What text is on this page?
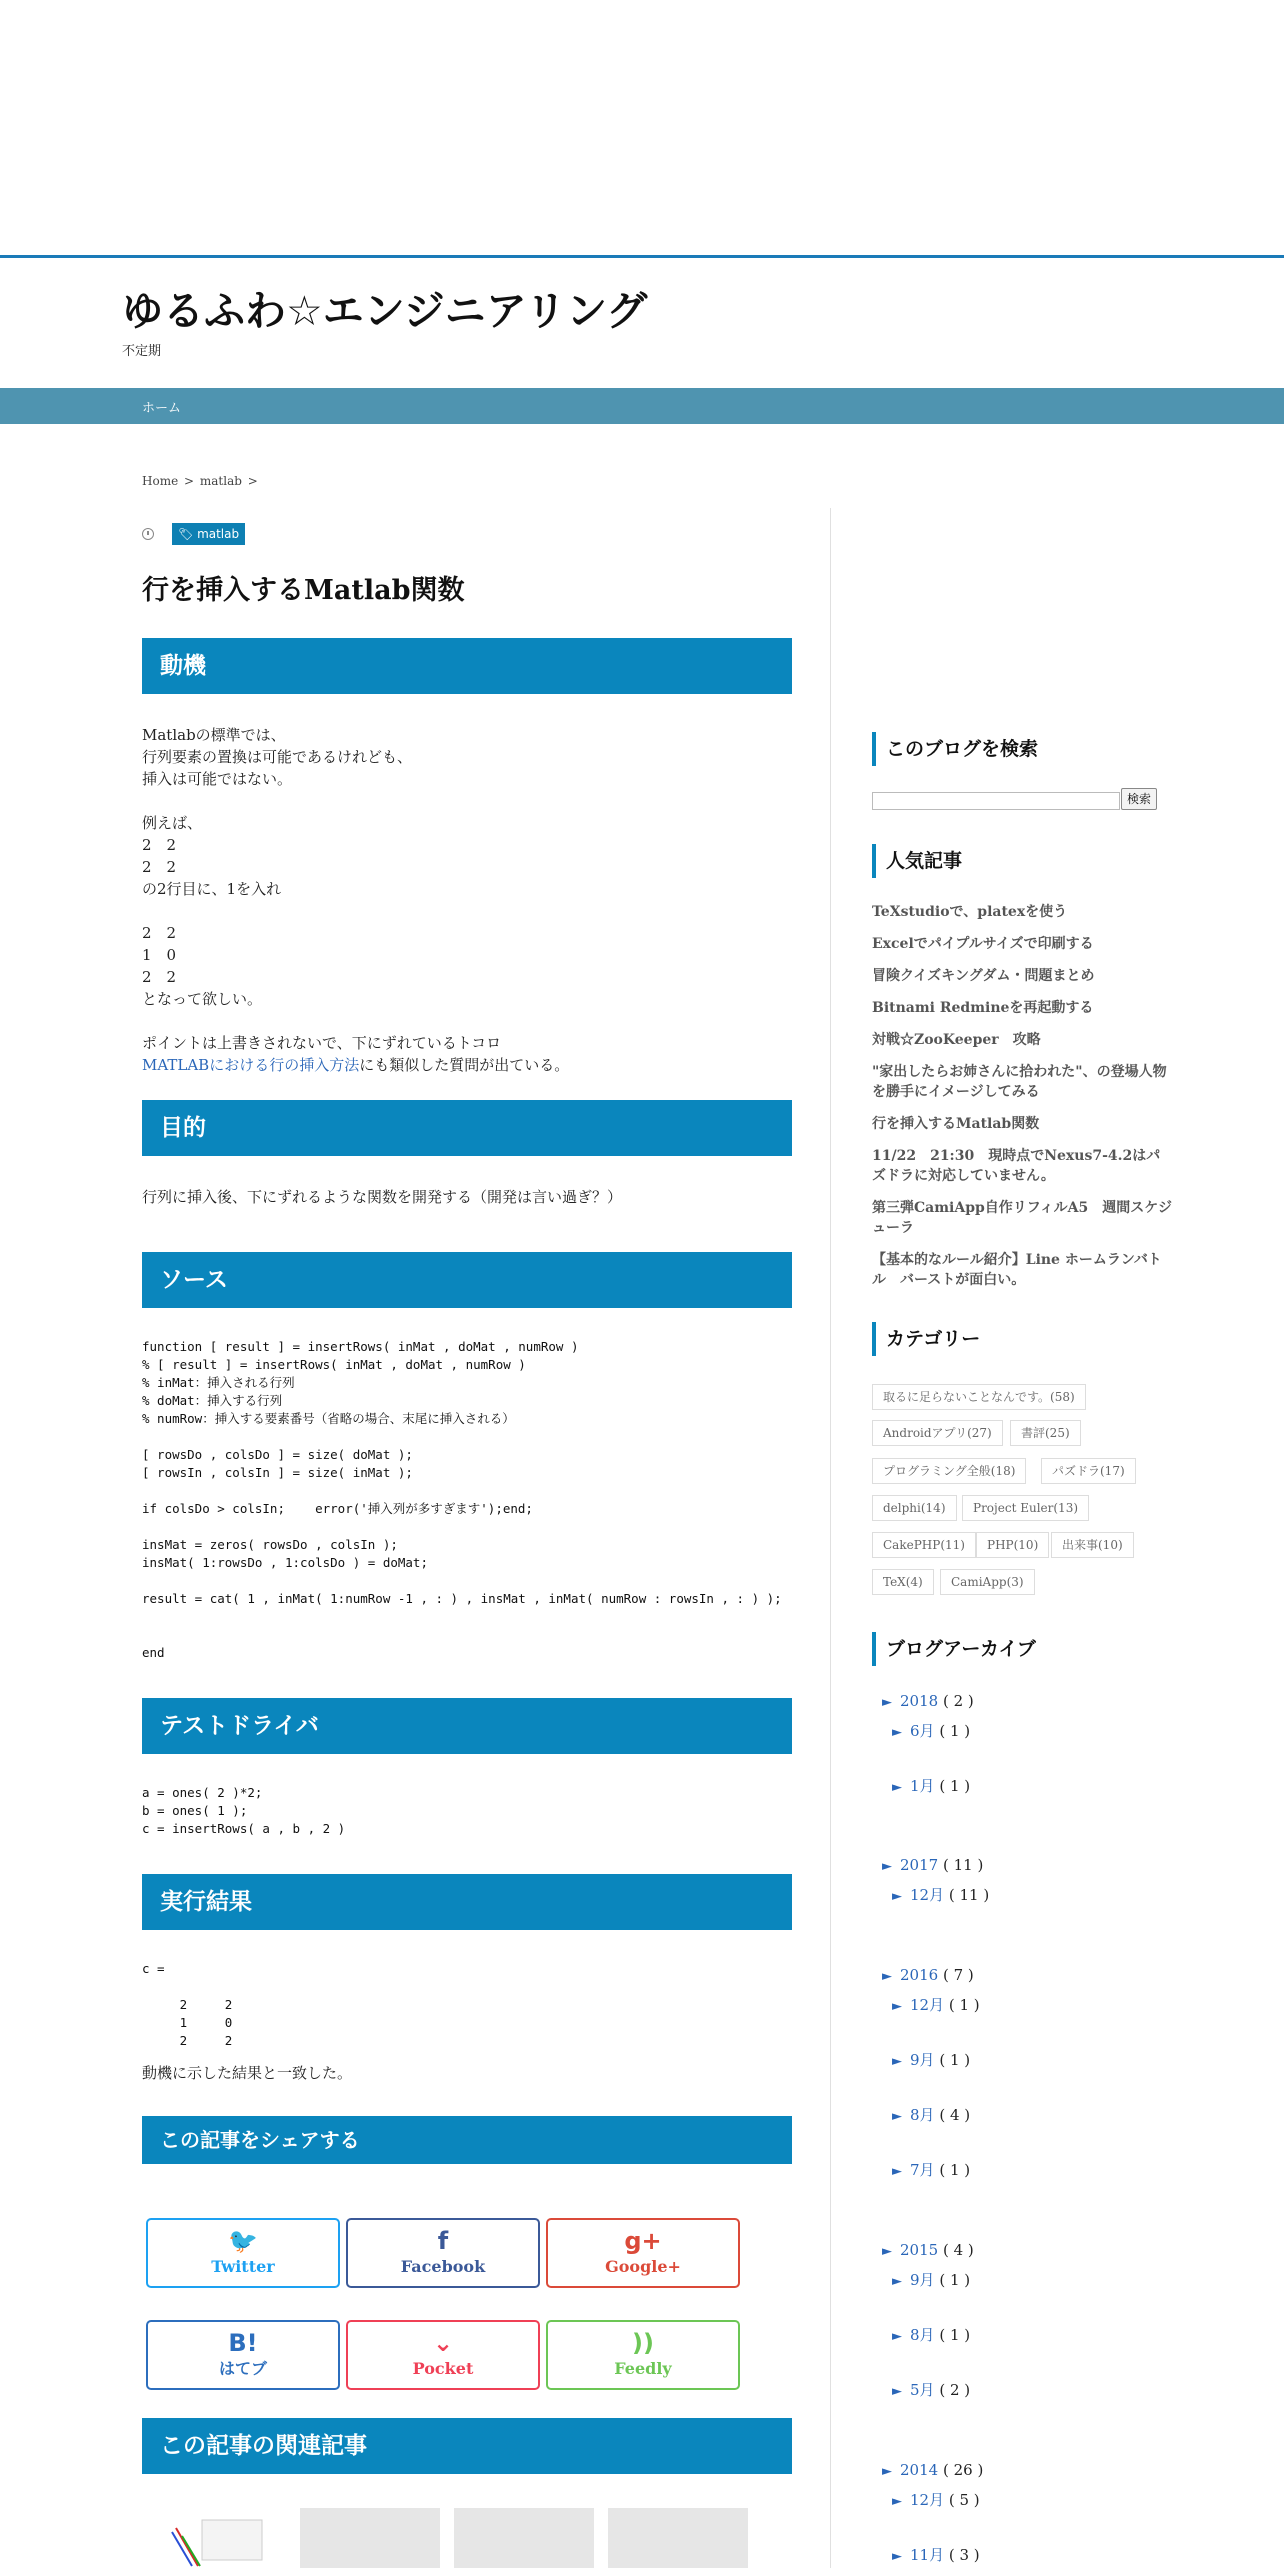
ゆるふわ☆エンジニアリング
不定期
ホーム
Home > matlab >
🏷 matlab
行を挿入するMatlab関数
動機
Matlabの標準では、
行列要素の置換は可能であるけれども、
挿入は可能ではない。

例えば、
2　2
2　2
の2行目に、1を入れ

2　2
1　0
2　2
となって欲しい。

ポイントは上書きされないで、下にずれているトコロ
MATLABにおける行の挿入方法にも類似した質問が出ている。
目的
行列に挿入後、下にずれるような関数を開発する（開発は言い過ぎ？）
ソース
function [ result ] = insertRows( inMat , doMat , numRow )
% [ result ] = insertRows( inMat , doMat , numRow )
% inMat：挿入される行列
% doMat：挿入する行列
% numRow：挿入する要素番号（省略の場合、末尾に挿入される）

[ rowsDo , colsDo ] = size( doMat );
[ rowsIn , colsIn ] = size( inMat );

if colsDo > colsIn;    error('挿入列が多すぎます');end;

insMat = zeros( rowsDo , colsIn );
insMat( 1:rowsDo , 1:colsDo ) = doMat;

result = cat( 1 , inMat( 1:numRow -1 , : ) , insMat , inMat( numRow : rowsIn , : ) );

end
テストドライバ
a = ones( 2 )*2;
b = ones( 1 );
c = insertRows( a , b , 2 )
実行結果
c =

2     2
1     0
2     2
動機に示した結果と一致した。
この記事をシェアする
🐦
Twitter
f
Facebook
g+
Google+
B!
はてブ
⌄
Pocket
))
Feedly
この記事の関連記事
このブログを検索
検索
人気記事
TeXstudioで、platexを使う
Excelでパイプルサイズで印刷する
冒険クイズキングダム・問題まとめ
Bitnami Redmineを再起動する
対戦☆ZooKeeper　攻略
"家出したらお姉さんに拾われた"、の登場人物を勝手にイメージしてみる
行を挿入するMatlab関数
11/22　21:30　現時点でNexus7-4.2はパズドラに対応していません。
第三弾CamiApp自作リフィルA5　週間スケジューラ
【基本的なルール紹介】Line ホームランバトル　バーストが面白い。
カテゴリー
取るに足らないことなんです。(58)
Androidアプリ(27)	書評(25)
プログラミング全般(18)	パズドラ(17)
delphi(14)	Project Euler(13)
CakePHP(11)	PHP(10)	出来事(10)
TeX(4)	CamiApp(3)
ブログアーカイブ
► 2018 ( 2 )
► 6月 ( 1 )
► 1月 ( 1 )
► 2017 ( 11 )
► 12月 ( 11 )
► 2016 ( 7 )
► 12月 ( 1 )
► 9月 ( 1 )
► 8月 ( 4 )
► 7月 ( 1 )
► 2015 ( 4 )
► 9月 ( 1 )
► 8月 ( 1 )
► 5月 ( 2 )
► 2014 ( 26 )
► 12月 ( 5 )
► 11月 ( 3 )
